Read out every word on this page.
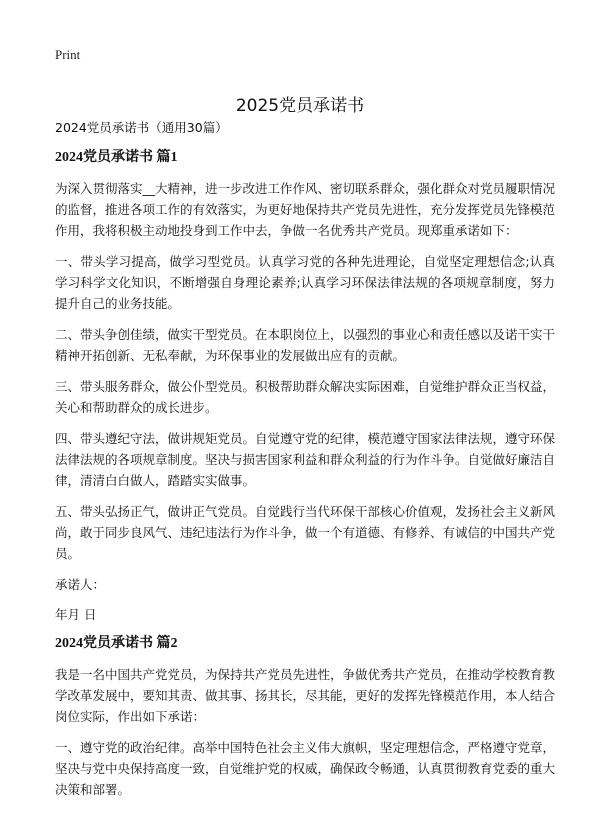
Print
2025党员承诺书

2024党员承诺书（通用30篇）

2024党员承诺书 篇1

为深入贯彻落实__大精神，进一步改进工作作风、密切联系群众，强化群众对党员履职情况的监督，推进各项工作的有效落实，为更好地保持共产党员先进性，充分发挥党员先锋模范作用，我将积极主动地投身到工作中去，争做一名优秀共产党员。现郑重承诺如下：

一、带头学习提高，做学习型党员。认真学习党的各种先进理论，自觉坚定理想信念;认真学习科学文化知识，不断增强自身理论素养;认真学习环保法律法规的各项规章制度，努力提升自己的业务技能。

二、带头争创佳绩，做实干型党员。在本职岗位上，以强烈的事业心和责任感以及诺干实干精神开拓创新、无私奉献，为环保事业的发展做出应有的贡献。

三、带头服务群众，做公仆型党员。积极帮助群众解决实际困难，自觉维护群众正当权益，关心和帮助群众的成长进步。

四、带头遵纪守法，做讲规矩党员。自觉遵守党的纪律，模范遵守国家法律法规，遵守环保法律法规的各项规章制度。坚决与损害国家利益和群众利益的行为作斗争。自觉做好廉洁自律，清清白白做人，踏踏实实做事。

五、带头弘扬正气，做讲正气党员。自觉践行当代环保干部核心价值观，发扬社会主义新风尚，敢于同步良风气、违纪违法行为作斗争，做一个有道德、有修养、有诚信的中国共产党员。

承诺人：

年月 日

2024党员承诺书 篇2

我是一名中国共产党党员，为保持共产党员先进性，争做优秀共产党员，在推动学校教育教学改革发展中，要知其责、做其事、扬其长，尽其能，更好的发挥先锋模范作用，本人结合岗位实际，作出如下承诺：

一、遵守党的政治纪律。高举中国特色社会主义伟大旗帜，坚定理想信念，严格遵守党章，坚决与党中央保持高度一致，自觉维护党的权威，确保政令畅通，认真贯彻教育党委的重大决策和部署。
